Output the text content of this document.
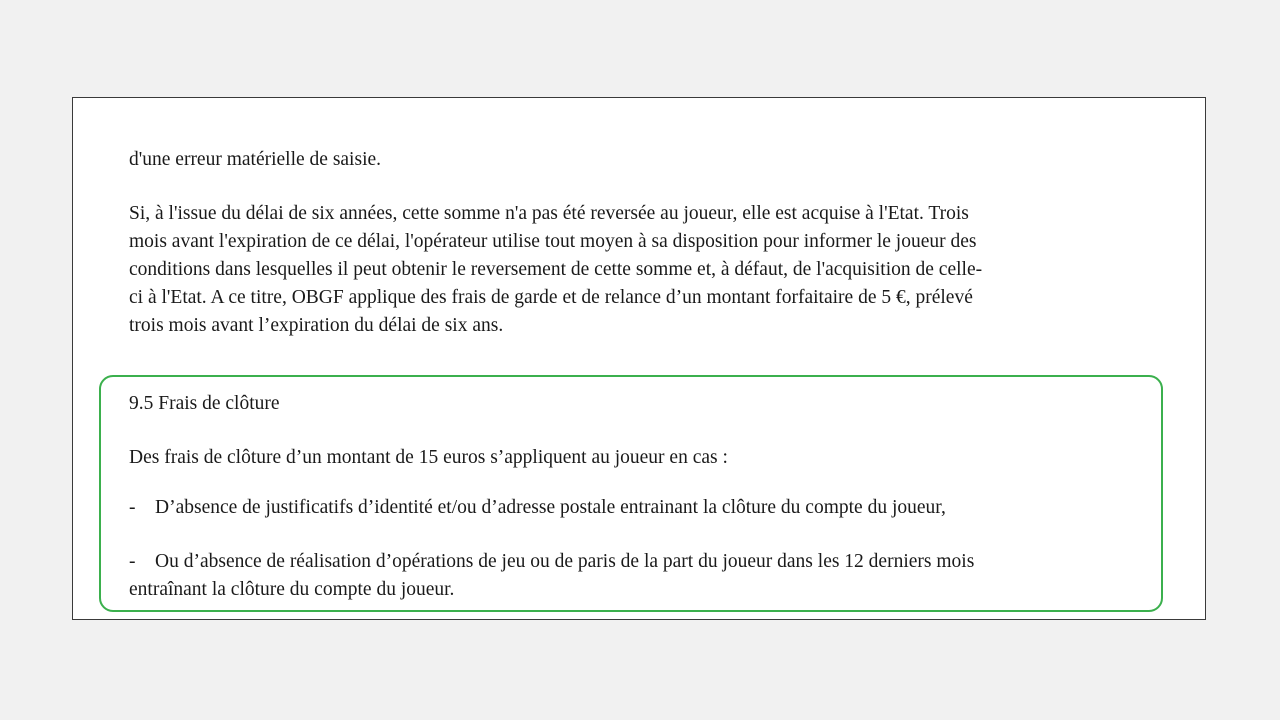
d'une erreur matérielle de saisie.

Si, à l'issue du délai de six années, cette somme n'a pas été reversée au joueur, elle est acquise à l'Etat. Trois
mois avant l'expiration de ce délai, l'opérateur utilise tout moyen à sa disposition pour informer le joueur des
conditions dans lesquelles il peut obtenir le reversement de cette somme et, à défaut, de l'acquisition de celle-
ci à l'Etat. A ce titre, OBGF applique des frais de garde et de relance d’un montant forfaitaire de 5 €, prélevé
trois mois avant l’expiration du délai de six ans.

9.5 Frais de clôture

Des frais de clôture d’un montant de 15 euros s’appliquent au joueur en cas :

- D’absence de justificatifs d’identité et/ou d’adresse postale entrainant la clôture du compte du joueur,

- Ou d’absence de réalisation d’opérations de jeu ou de paris de la part du joueur dans les 12 derniers mois
entraînant la clôture du compte du joueur.
